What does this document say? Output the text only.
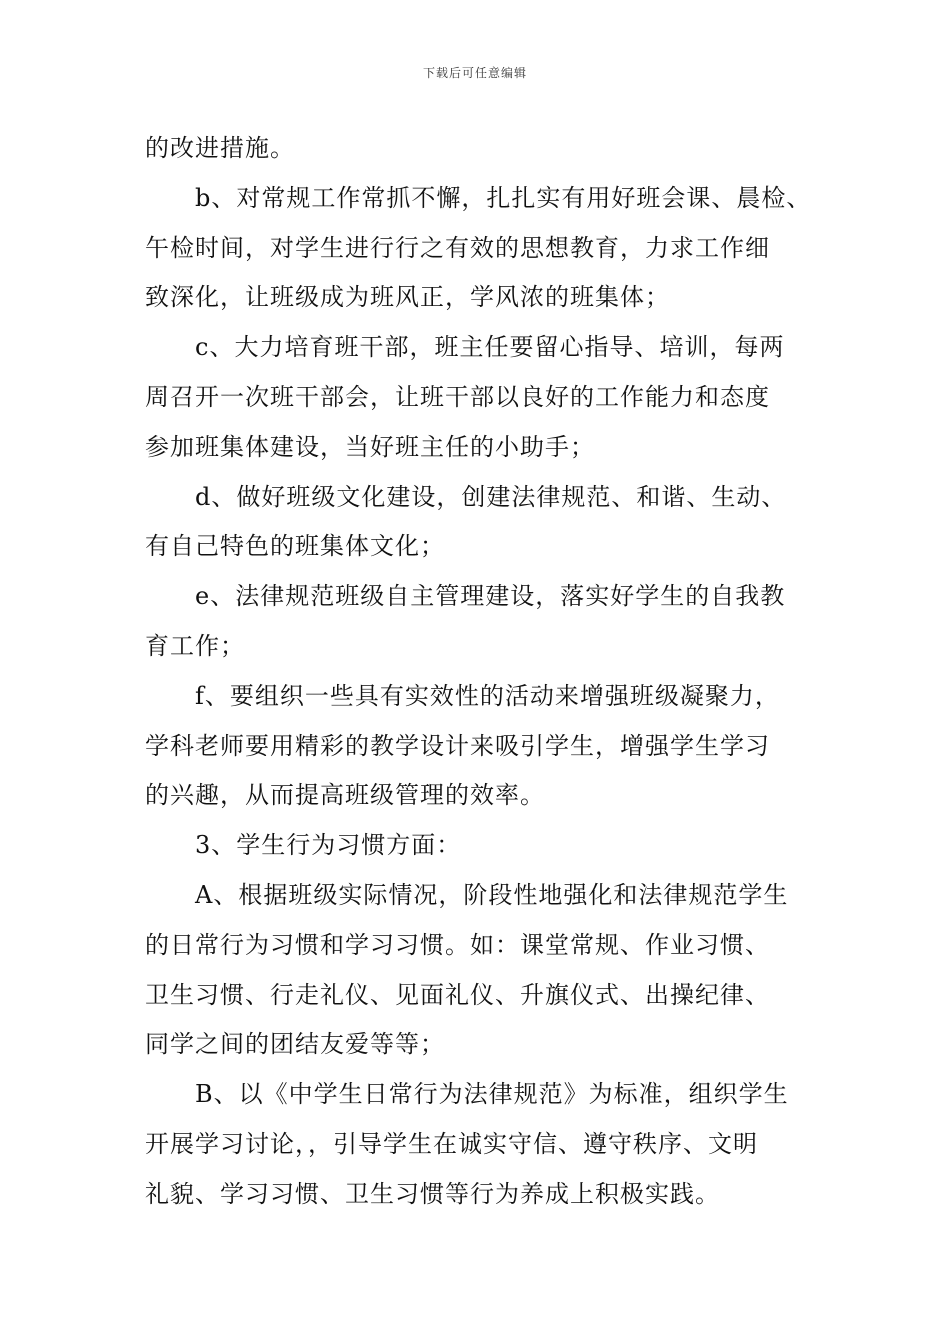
下载后可任意编辑
的改进措施。
b、对常规工作常抓不懈，扎扎实有用好班会课、晨检、
午检时间，对学生进行行之有效的思想教育，力求工作细
致深化，让班级成为班风正，学风浓的班集体；
c、大力培育班干部，班主任要留心指导、培训，每两
周召开一次班干部会，让班干部以良好的工作能力和态度
参加班集体建设，当好班主任的小助手；
d、做好班级文化建设，创建法律规范、和谐、生动、
有自己特色的班集体文化；
e、法律规范班级自主管理建设，落实好学生的自我教
育工作；
f、要组织一些具有实效性的活动来增强班级凝聚力，
学科老师要用精彩的教学设计来吸引学生，增强学生学习
的兴趣，从而提高班级管理的效率。
3、学生行为习惯方面：
A、根据班级实际情况，阶段性地强化和法律规范学生
的日常行为习惯和学习习惯。如：课堂常规、作业习惯、
卫生习惯、行走礼仪、见面礼仪、升旗仪式、出操纪律、
同学之间的团结友爱等等；
B、以《中学生日常行为法律规范》为标准，组织学生
开展学习讨论，，引导学生在诚实守信、遵守秩序、文明
礼貌、学习习惯、卫生习惯等行为养成上积极实践。
